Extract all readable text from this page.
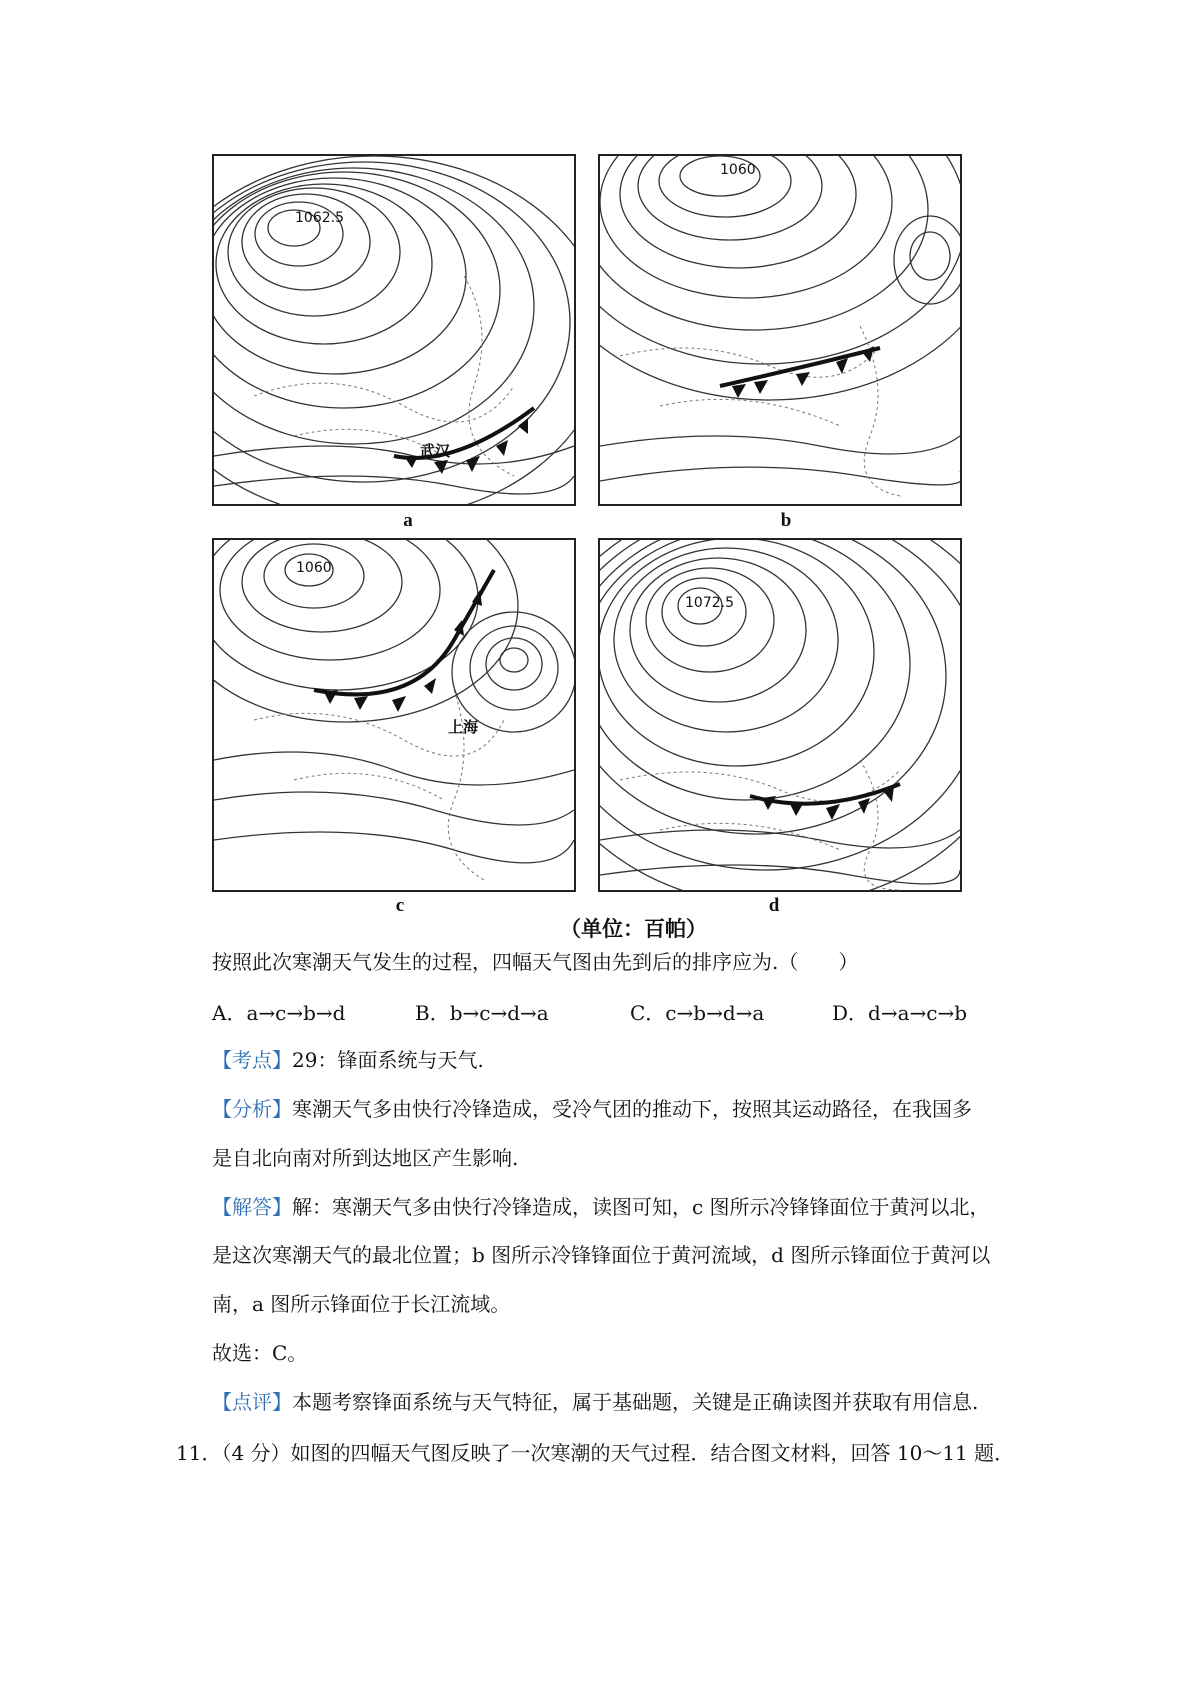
1062.5
武汉
a
1060
b
1060
上海
c
1072.5
d
（单位：百帕）
按照此次寒潮天气发生的过程，四幅天气图由先到后的排序应为.（　　）
A．a→c→b→d	B．b→c→d→a	C．c→b→d→a	D．d→a→c→b
【考点】29：锋面系统与天气.
【分析】寒潮天气多由快行冷锋造成，受冷气团的推动下，按照其运动路径，在我国多
是自北向南对所到达地区产生影响.
【解答】解：寒潮天气多由快行冷锋造成，读图可知，c 图所示冷锋锋面位于黄河以北，
是这次寒潮天气的最北位置；b 图所示冷锋锋面位于黄河流域，d 图所示锋面位于黄河以
南，a 图所示锋面位于长江流域。
故选：C。
【点评】本题考察锋面系统与天气特征，属于基础题，关键是正确读图并获取有用信息.
11．（4 分）如图的四幅天气图反映了一次寒潮的天气过程．结合图文材料，回答 10～11 题．
